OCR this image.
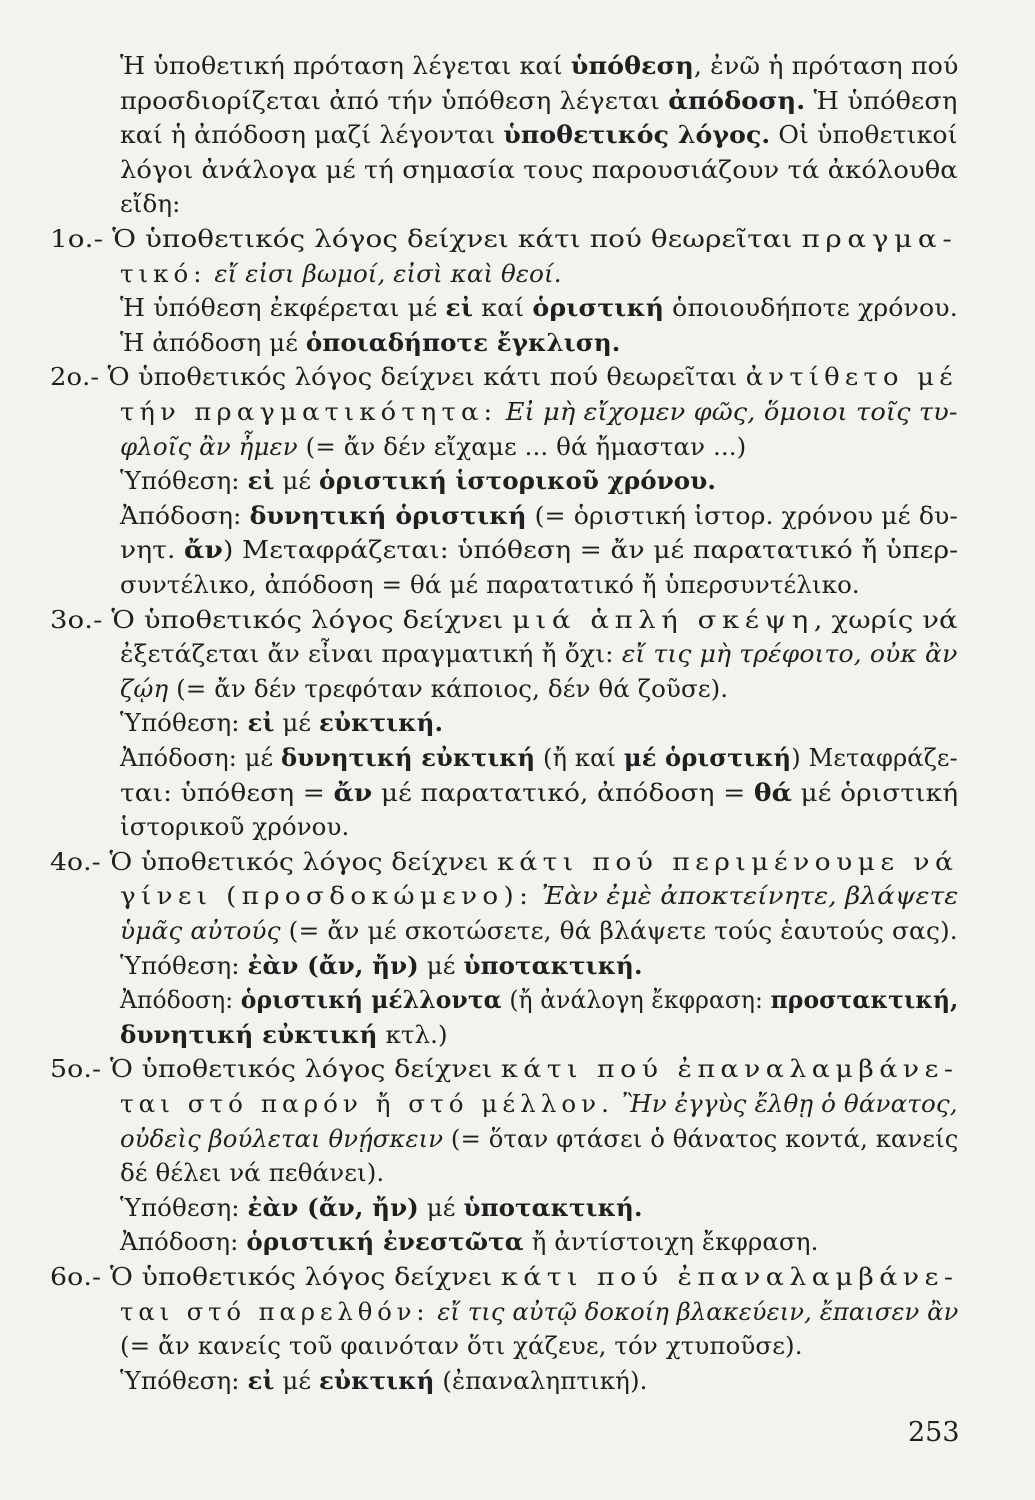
Ἡ ὑποθετική πρόταση λέγεται καί ὑπόθεση, ἐνῶ ἡ πρόταση πού
προσδιορίζεται ἀπό τήν ὑπόθεση λέγεται ἀπόδοση. Ἡ ὑπόθεση
καί ἡ ἀπόδοση μαζί λέγονται ὑποθετικός λόγος. Οἱ ὑποθετικοί
λόγοι ἀνάλογα μέ τή σημασία τους παρουσιάζουν τά ἀκόλουθα
εἴδη:
1ο.- Ὁ ὑποθετικός λόγος δείχνει κάτι πού θεωρεῖται πραγμα-
τικό: εἴ εἰσι βωμοί, εἰσὶ καὶ θεοί.
Ἡ ὑπόθεση ἐκφέρεται μέ εἰ καί ὁριστική ὁποιουδήποτε χρόνου.
Ἡ ἀπόδοση μέ ὁποιαδήποτε ἔγκλιση.
2ο.- Ὁ ὑποθετικός λόγος δείχνει κάτι πού θεωρεῖται ἀντίθετο μέ
τήν πραγματικότητα: Εἰ μὴ εἴχομεν φῶς, ὅμοιοι τοῖς τυ-
φλοῖς ἂν ἦμεν (= ἄν δέν εἴχαμε ... θά ἤμασταν ...)
Ὑπόθεση: εἰ μέ ὁριστική ἱστορικοῦ χρόνου.
Ἀπόδοση: δυνητική ὁριστική (= ὁριστική ἱστορ. χρόνου μέ δυ-
νητ. ἄν) Μεταφράζεται: ὑπόθεση = ἄν μέ παρατατικό ἤ ὑπερ-
συντέλικο, ἀπόδοση = θά μέ παρατατικό ἤ ὑπερσυντέλικο.
3ο.- Ὁ ὑποθετικός λόγος δείχνει μιά ἁπλή σκέψη, χωρίς νά
ἐξετάζεται ἄν εἶναι πραγματική ἤ ὄχι: εἴ τις μὴ τρέφοιτο, οὐκ ἂν
ζῴη (= ἄν δέν τρεφόταν κάποιος, δέν θά ζοῦσε).
Ὑπόθεση: εἰ μέ εὐκτική.
Ἀπόδοση: μέ δυνητική εὐκτική (ἤ καί μέ ὁριστική) Μεταφράζε-
ται: ὑπόθεση = ἄν μέ παρατατικό, ἀπόδοση = θά μέ ὁριστική
ἱστορικοῦ χρόνου.
4ο.- Ὁ ὑποθετικός λόγος δείχνει κάτι πού περιμένουμε νά
γίνει (προσδοκώμενο): Ἐὰν ἐμὲ ἀποκτείνητε, βλάψετε
ὑμᾶς αὐτούς (= ἄν μέ σκοτώσετε, θά βλάψετε τούς ἑαυτούς σας).
Ὑπόθεση: ἐὰν (ἄν, ἤν) μέ ὑποτακτική.
Ἀπόδοση: ὁριστική μέλλοντα (ἤ ἀνάλογη ἔκφραση: προστακτική,
δυνητική εὐκτική κτλ.)
5ο.- Ὁ ὑποθετικός λόγος δείχνει κάτι πού ἐπαναλαμβάνε-
ται στό παρόν ἤ στό μέλλον. Ἢν ἐγγὺς ἔλθῃ ὁ θάνατος,
οὐδεὶς βούλεται θνῄσκειν (= ὅταν φτάσει ὁ θάνατος κοντά, κανείς
δέ θέλει νά πεθάνει).
Ὑπόθεση: ἐὰν (ἄν, ἤν) μέ ὑποτακτική.
Ἀπόδοση: ὁριστική ἐνεστῶτα ἤ ἀντίστοιχη ἔκφραση.
6ο.- Ὁ ὑποθετικός λόγος δείχνει κάτι πού ἐπαναλαμβάνε-
ται στό παρελθόν: εἴ τις αὐτῷ δοκοίη βλακεύειν, ἔπαισεν ἂν
(= ἄν κανείς τοῦ φαινόταν ὅτι χάζευε, τόν χτυποῦσε).
Ὑπόθεση: εἰ μέ εὐκτική (ἐπαναληπτική).
253
